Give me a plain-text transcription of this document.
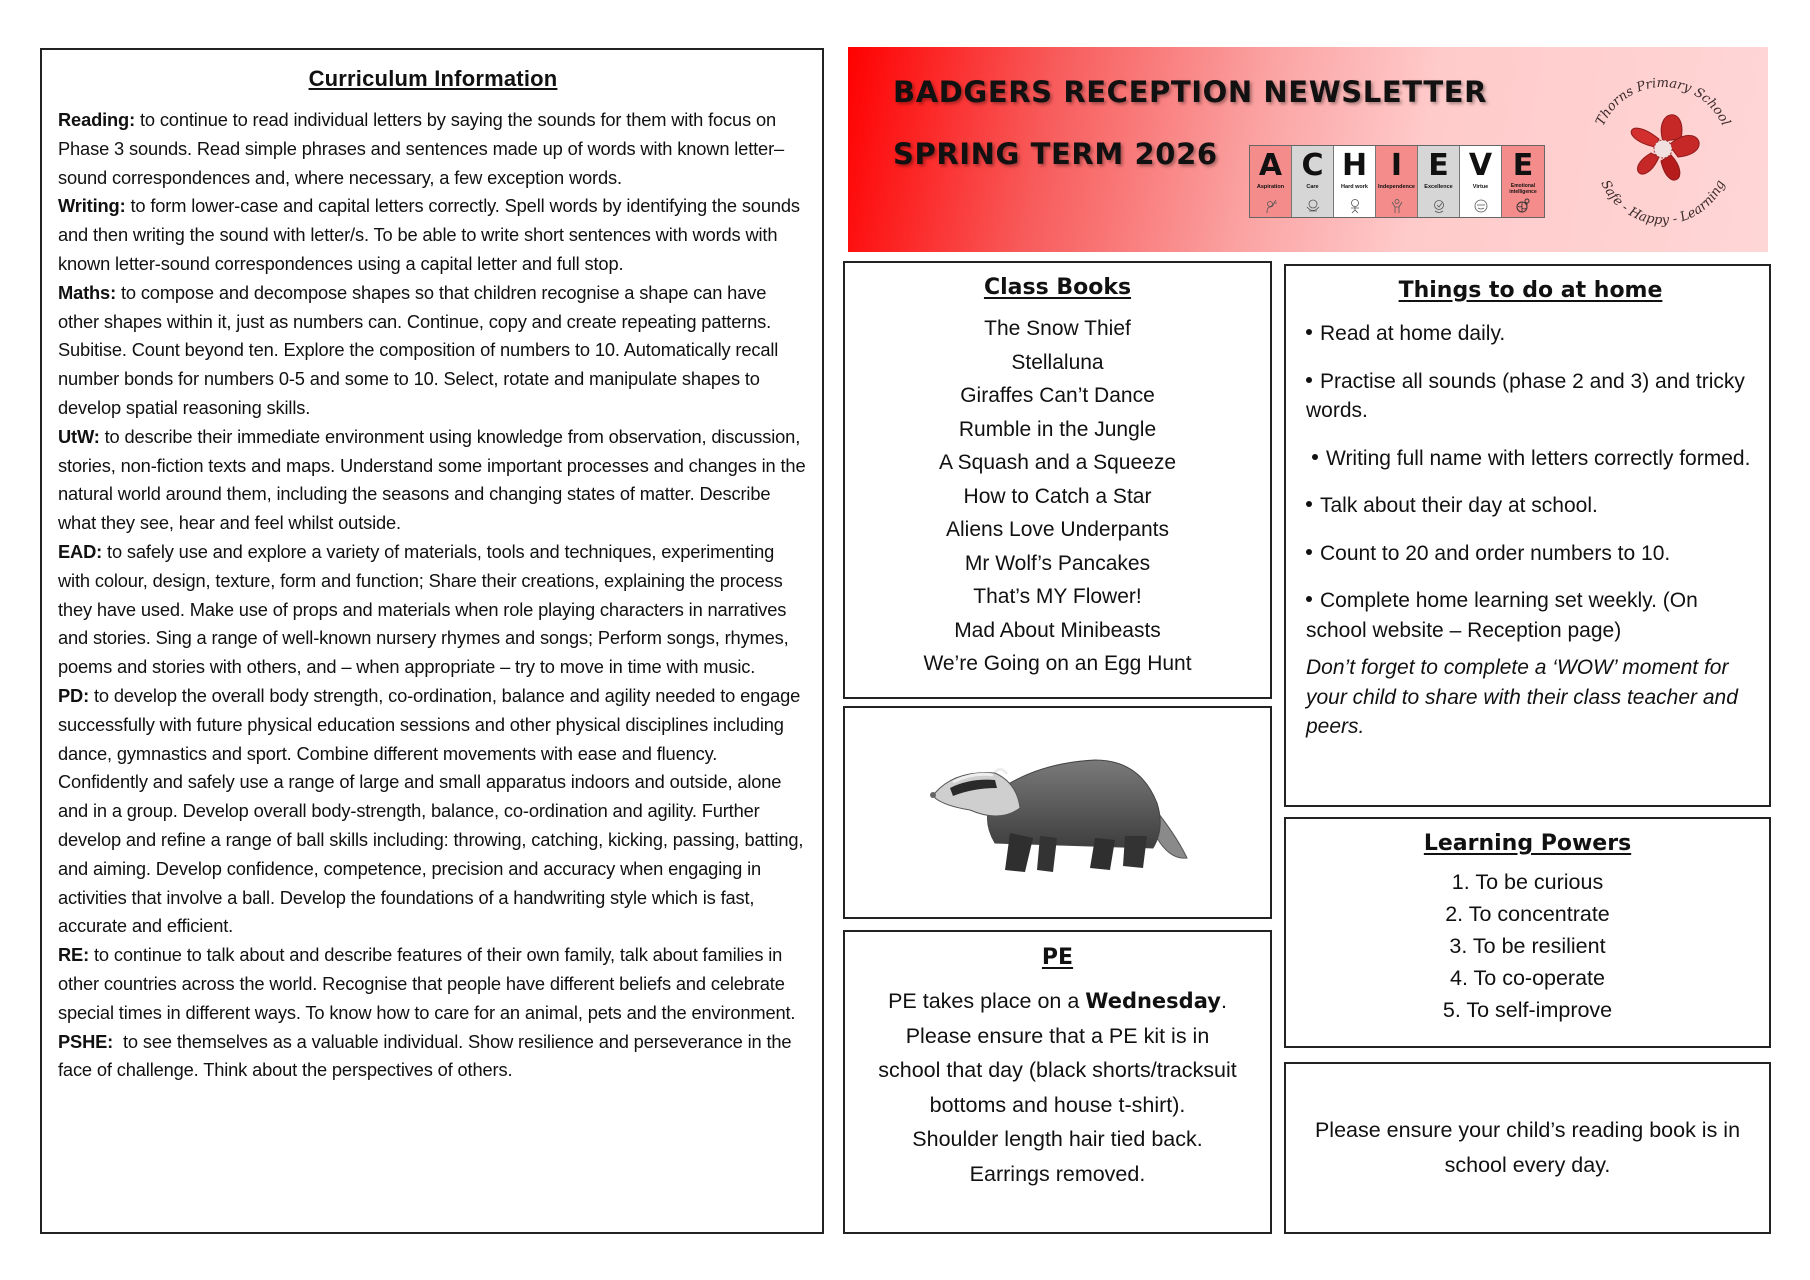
Curriculum Information
Reading: to continue to read individual letters by saying the sounds for them with focus on Phase 3 sounds. Read simple phrases and sentences made up of words with known letter–sound correspondences and, where necessary, a few exception words.
Writing: to form lower-case and capital letters correctly. Spell words by identifying the sounds and then writing the sound with letter/s. To be able to write short sentences with words with known letter-sound correspondences using a capital letter and full stop.
Maths: to compose and decompose shapes so that children recognise a shape can have other shapes within it, just as numbers can. Continue, copy and create repeating patterns. Subitise. Count beyond ten. Explore the composition of numbers to 10. Automatically recall number bonds for numbers 0-5 and some to 10. Select, rotate and manipulate shapes to develop spatial reasoning skills.
UtW: to describe their immediate environment using knowledge from observation, discussion, stories, non-fiction texts and maps. Understand some important processes and changes in the natural world around them, including the seasons and changing states of matter. Describe what they see, hear and feel whilst outside.
EAD: to safely use and explore a variety of materials, tools and techniques, experimenting with colour, design, texture, form and function; Share their creations, explaining the process they have used. Make use of props and materials when role playing characters in narratives and stories. Sing a range of well-known nursery rhymes and songs; Perform songs, rhymes, poems and stories with others, and – when appropriate – try to move in time with music.
PD: to develop the overall body strength, co-ordination, balance and agility needed to engage successfully with future physical education sessions and other physical disciplines including dance, gymnastics and sport. Combine different movements with ease and fluency. Confidently and safely use a range of large and small apparatus indoors and outside, alone and in a group. Develop overall body-strength, balance, co-ordination and agility. Further develop and refine a range of ball skills including: throwing, catching, kicking, passing, batting, and aiming. Develop confidence, competence, precision and accuracy when engaging in activities that involve a ball. Develop the foundations of a handwriting style which is fast, accurate and efficient.
RE: to continue to talk about and describe features of their own family, talk about families in other countries across the world. Recognise that people have different beliefs and celebrate special times in different ways. To know how to care for an animal, pets and the environment.
PSHE:  to see themselves as a valuable individual. Show resilience and perseverance in the face of challenge. Think about the perspectives of others.
BADGERS RECEPTION NEWSLETTER
SPRING TERM 2026 A
Aspiration
C
Care
H
Hard work
I
Independence
E
Excellence
V
Virtue
E
Emotional intelligence
Thorns Primary School
Safe - Happy - Learning
Class Books
The Snow Thief
Stellaluna
Giraffes Can’t Dance
Rumble in the Jungle
A Squash and a Squeeze
How to Catch a Star
Aliens Love Underpants
Mr Wolf’s Pancakes
That’s MY Flower!
Mad About Minibeasts
We’re Going on an Egg Hunt
PE
PE takes place on a Wednesday.
Please ensure that a PE kit is in
school that day (black shorts/tracksuit
bottoms and house t-shirt).
Shoulder length hair tied back.
Earrings removed.
Things to do at home
Read at home daily.
Practise all sounds (phase 2 and 3) and tricky words.
Writing full name with letters correctly formed.
Talk about their day at school.
Count to 20 and order numbers to 10.
Complete home learning set weekly. (On school website – Reception page)
Don’t forget to complete a ‘WOW’ moment for your child to share with their class teacher and peers.
Learning Powers
1. To be curious
2. To concentrate
3. To be resilient
4. To co-operate
5. To self-improve
Please ensure your child’s reading book is in school every day.
